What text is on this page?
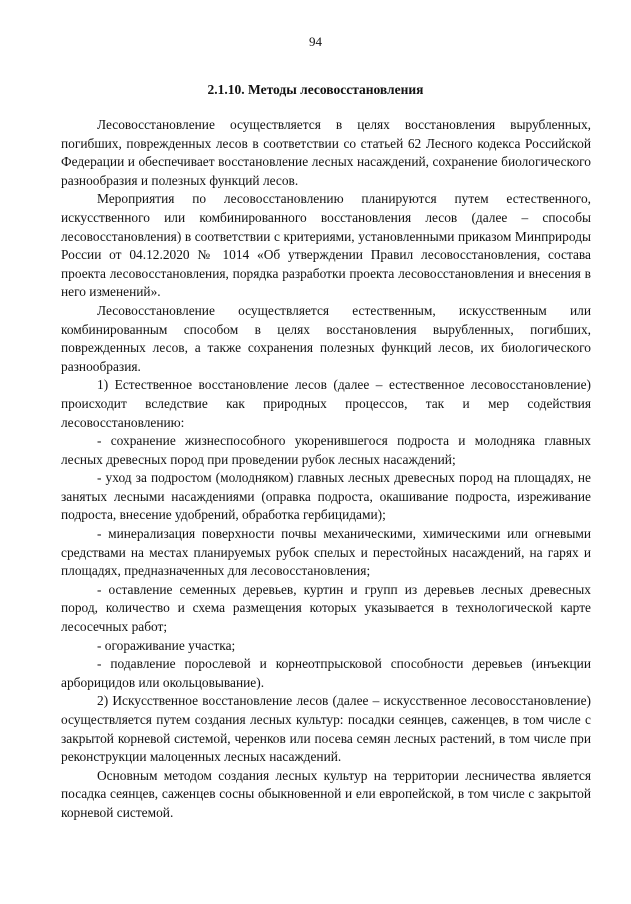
94
2.1.10. Методы лесовосстановления

Лесовосстановление осуществляется в целях восстановления вырубленных, погибших, поврежденных лесов в соответствии со статьей 62 Лесного кодекса Российской Федерации и обеспечивает восстановление лесных насаждений, сохранение биологического разнообразия и полезных функций лесов.

Мероприятия по лесовосстановлению планируются путем естественного, искусственного или комбинированного восстановления лесов (далее – способы лесовосстановления) в соответствии с критериями, установленными приказом Минприроды России от 04.12.2020 № 1014 «Об утверждении Правил лесовосстановления, состава проекта лесовосстановления, порядка разработки проекта лесовосстановления и внесения в него изменений».

Лесовосстановление осуществляется естественным, искусственным или комбинированным способом в целях восстановления вырубленных, погибших, поврежденных лесов, а также сохранения полезных функций лесов, их биологического разнообразия.

1) Естественное восстановление лесов (далее – естественное лесовосстановление) происходит вследствие как природных процессов, так и мер содействия лесовосстановлению:

- сохранение жизнеспособного укоренившегося подроста и молодняка главных лесных древесных пород при проведении рубок лесных насаждений;

- уход за подростом (молодняком) главных лесных древесных пород на площадях, не занятых лесными насаждениями (оправка подроста, окашивание подроста, изреживание подроста, внесение удобрений, обработка гербицидами);

- минерализация поверхности почвы механическими, химическими или огневыми средствами на местах планируемых рубок спелых и перестойных насаждений, на гарях и площадях, предназначенных для лесовосстановления;

- оставление семенных деревьев, куртин и групп из деревьев лесных древесных пород, количество и схема размещения которых указывается в технологической карте лесосечных работ;

- огораживание участка;

- подавление порослевой и корнеотпрысковой способности деревьев (инъекции арборицидов или окольцовывание).

2) Искусственное восстановление лесов (далее – искусственное лесовосстановление) осуществляется путем создания лесных культур: посадки сеянцев, саженцев, в том числе с закрытой корневой системой, черенков или посева семян лесных растений, в том числе при реконструкции малоценных лесных насаждений.

Основным методом создания лесных культур на территории лесничества является посадка сеянцев, саженцев сосны обыкновенной и ели европейской, в том числе с закрытой корневой системой.
